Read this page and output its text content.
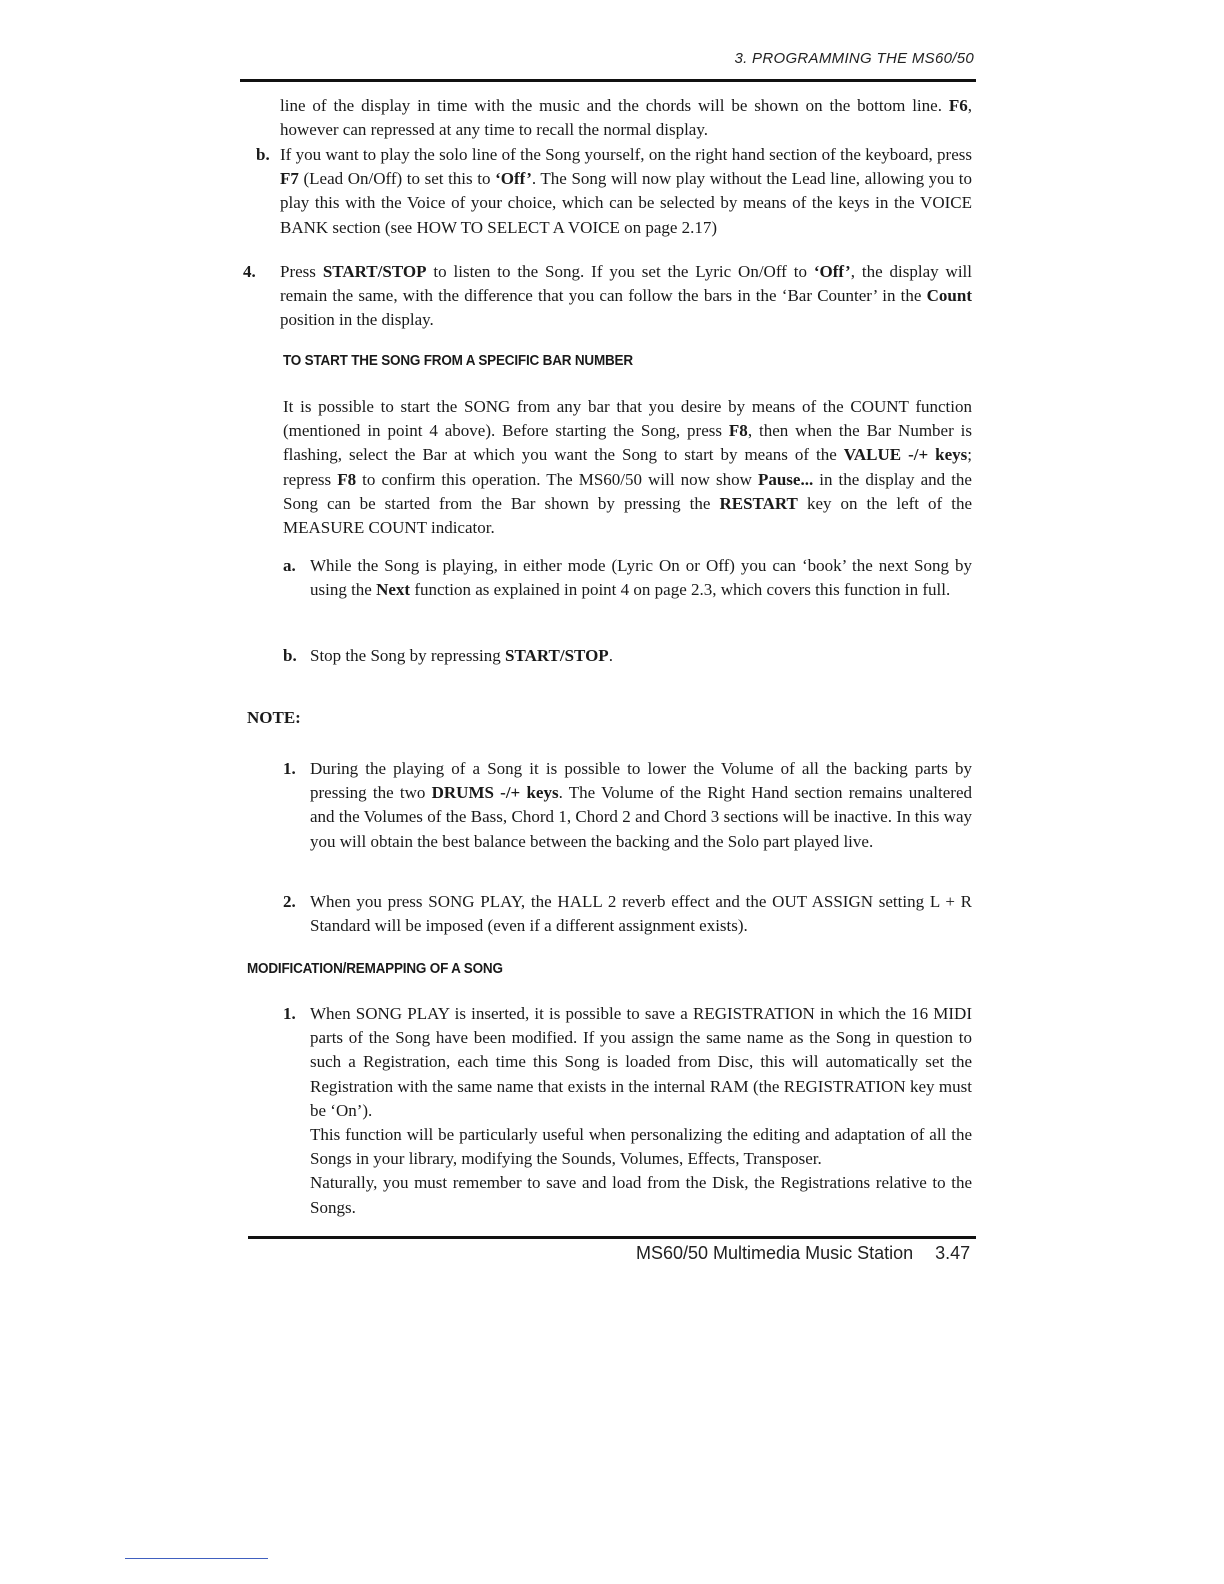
3. PROGRAMMING THE MS60/50
line of the display in time with the music and the chords will be shown on the bottom line. F6, however can repressed at any time to recall the normal display.
b. If you want to play the solo line of the Song yourself, on the right hand section of the keyboard, press F7 (Lead On/Off) to set this to ‘Off’. The Song will now play without the Lead line, allowing you to play this with the Voice of your choice, which can be selected by means of the keys in the VOICE BANK section (see HOW TO SELECT A VOICE on page 2.17)
4. Press START/STOP to listen to the Song. If you set the Lyric On/Off to ‘Off’, the display will remain the same, with the difference that you can follow the bars in the ‘Bar Counter’ in the Count position in the display.
TO START THE SONG FROM A SPECIFIC BAR NUMBER
It is possible to start the SONG from any bar that you desire by means of the COUNT function (mentioned in point 4 above). Before starting the Song, press F8, then when the Bar Number is flashing, select the Bar at which you want the Song to start by means of the VALUE -/+ keys; repress F8 to confirm this operation. The MS60/50 will now show Pause... in the display and the Song can be started from the Bar shown by pressing the RESTART key on the left of the MEASURE COUNT indicator.
a. While the Song is playing, in either mode (Lyric On or Off) you can ‘book’ the next Song by using the Next function as explained in point 4 on page 2.3, which covers this function in full.
b. Stop the Song by repressing START/STOP.
NOTE:
1. During the playing of a Song it is possible to lower the Volume of all the backing parts by pressing the two DRUMS -/+ keys. The Volume of the Right Hand section remains unaltered and the Volumes of the Bass, Chord 1, Chord 2 and Chord 3 sections will be inactive. In this way you will obtain the best balance between the backing and the Solo part played live.
2. When you press SONG PLAY, the HALL 2 reverb effect and the OUT ASSIGN setting L + R Standard will be imposed (even if a different assignment exists).
MODIFICATION/REMAPPING OF A SONG
1. When SONG PLAY is inserted, it is possible to save a REGISTRATION in which the 16 MIDI parts of the Song have been modified. If you assign the same name as the Song in question to such a Registration, each time this Song is loaded from Disc, this will automatically set the Registration with the same name that exists in the internal RAM (the REGISTRATION key must be ‘On’).
This function will be particularly useful when personalizing the editing and adaptation of all the Songs in your library, modifying the Sounds, Volumes, Effects, Transposer.
Naturally, you must remember to save and load from the Disk, the Registrations relative to the Songs.
MS60/50 Multimedia Music Station 3.47
